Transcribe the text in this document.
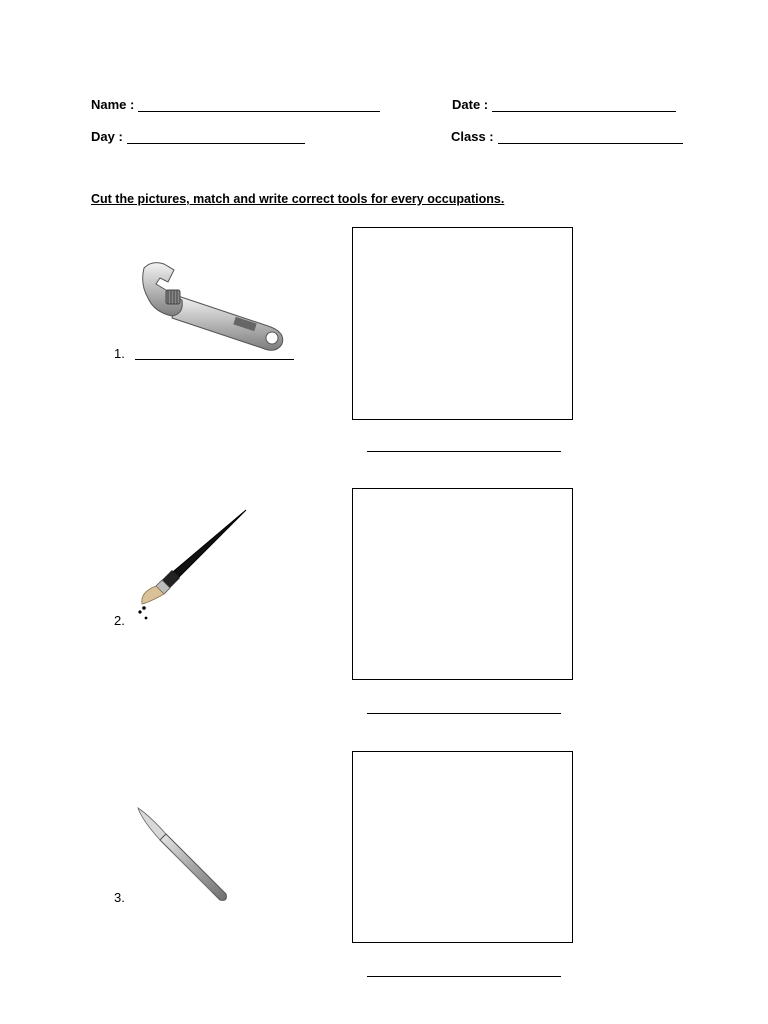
Name :	Date :
Day :	Class :
Cut the pictures, match and write correct tools for every occupations.
1.
2.
3.
